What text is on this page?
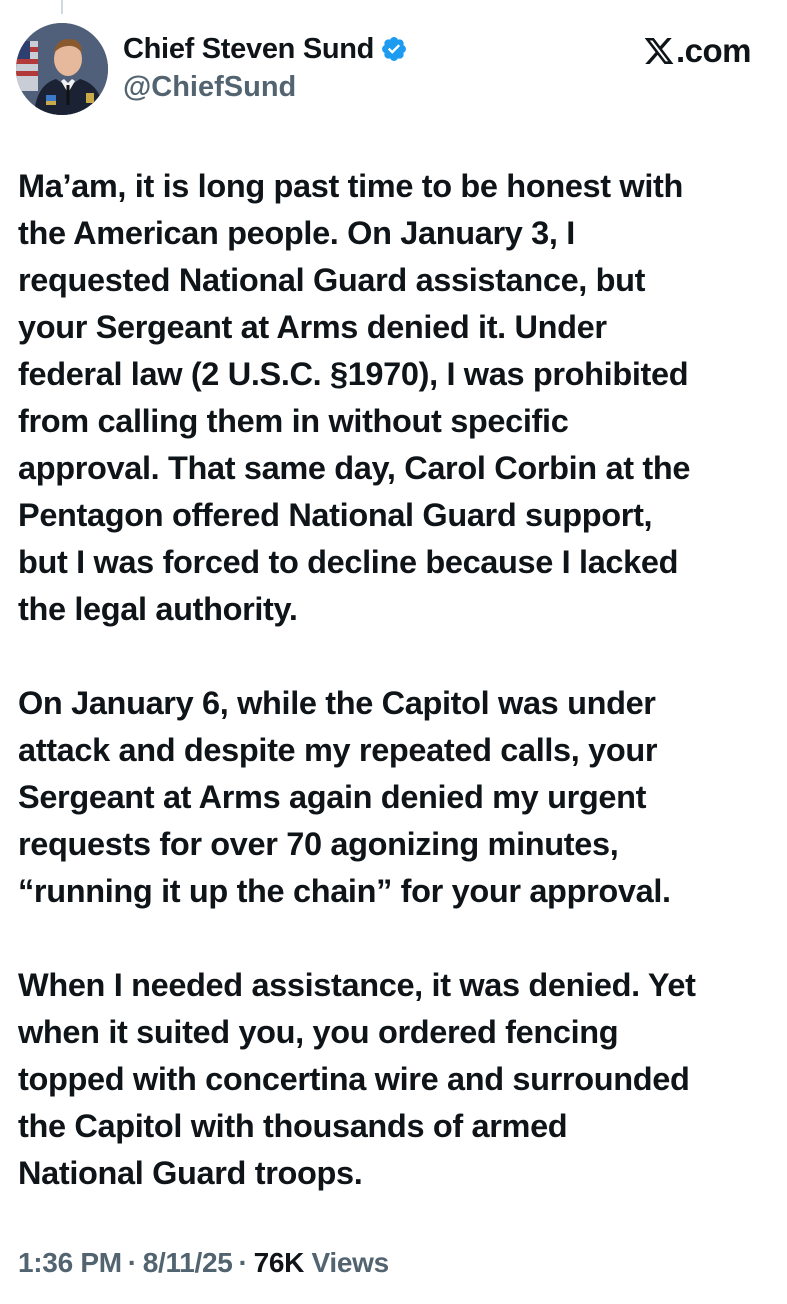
Chief Steven Sund
@ChiefSund
.com

Ma’am, it is long past time to be honest with
the American people. On January 3, I
requested National Guard assistance, but
your Sergeant at Arms denied it. Under
federal law (2 U.S.C. §1970), I was prohibited
from calling them in without specific
approval. That same day, Carol Corbin at the
Pentagon offered National Guard support,
but I was forced to decline because I lacked
the legal authority.

On January 6, while the Capitol was under
attack and despite my repeated calls, your
Sergeant at Arms again denied my urgent
requests for over 70 agonizing minutes,
“running it up the chain” for your approval.

When I needed assistance, it was denied. Yet
when it suited you, you ordered fencing
topped with concertina wire and surrounded
the Capitol with thousands of armed
National Guard troops.

1:36 PM · 8/11/25 · 76K Views
